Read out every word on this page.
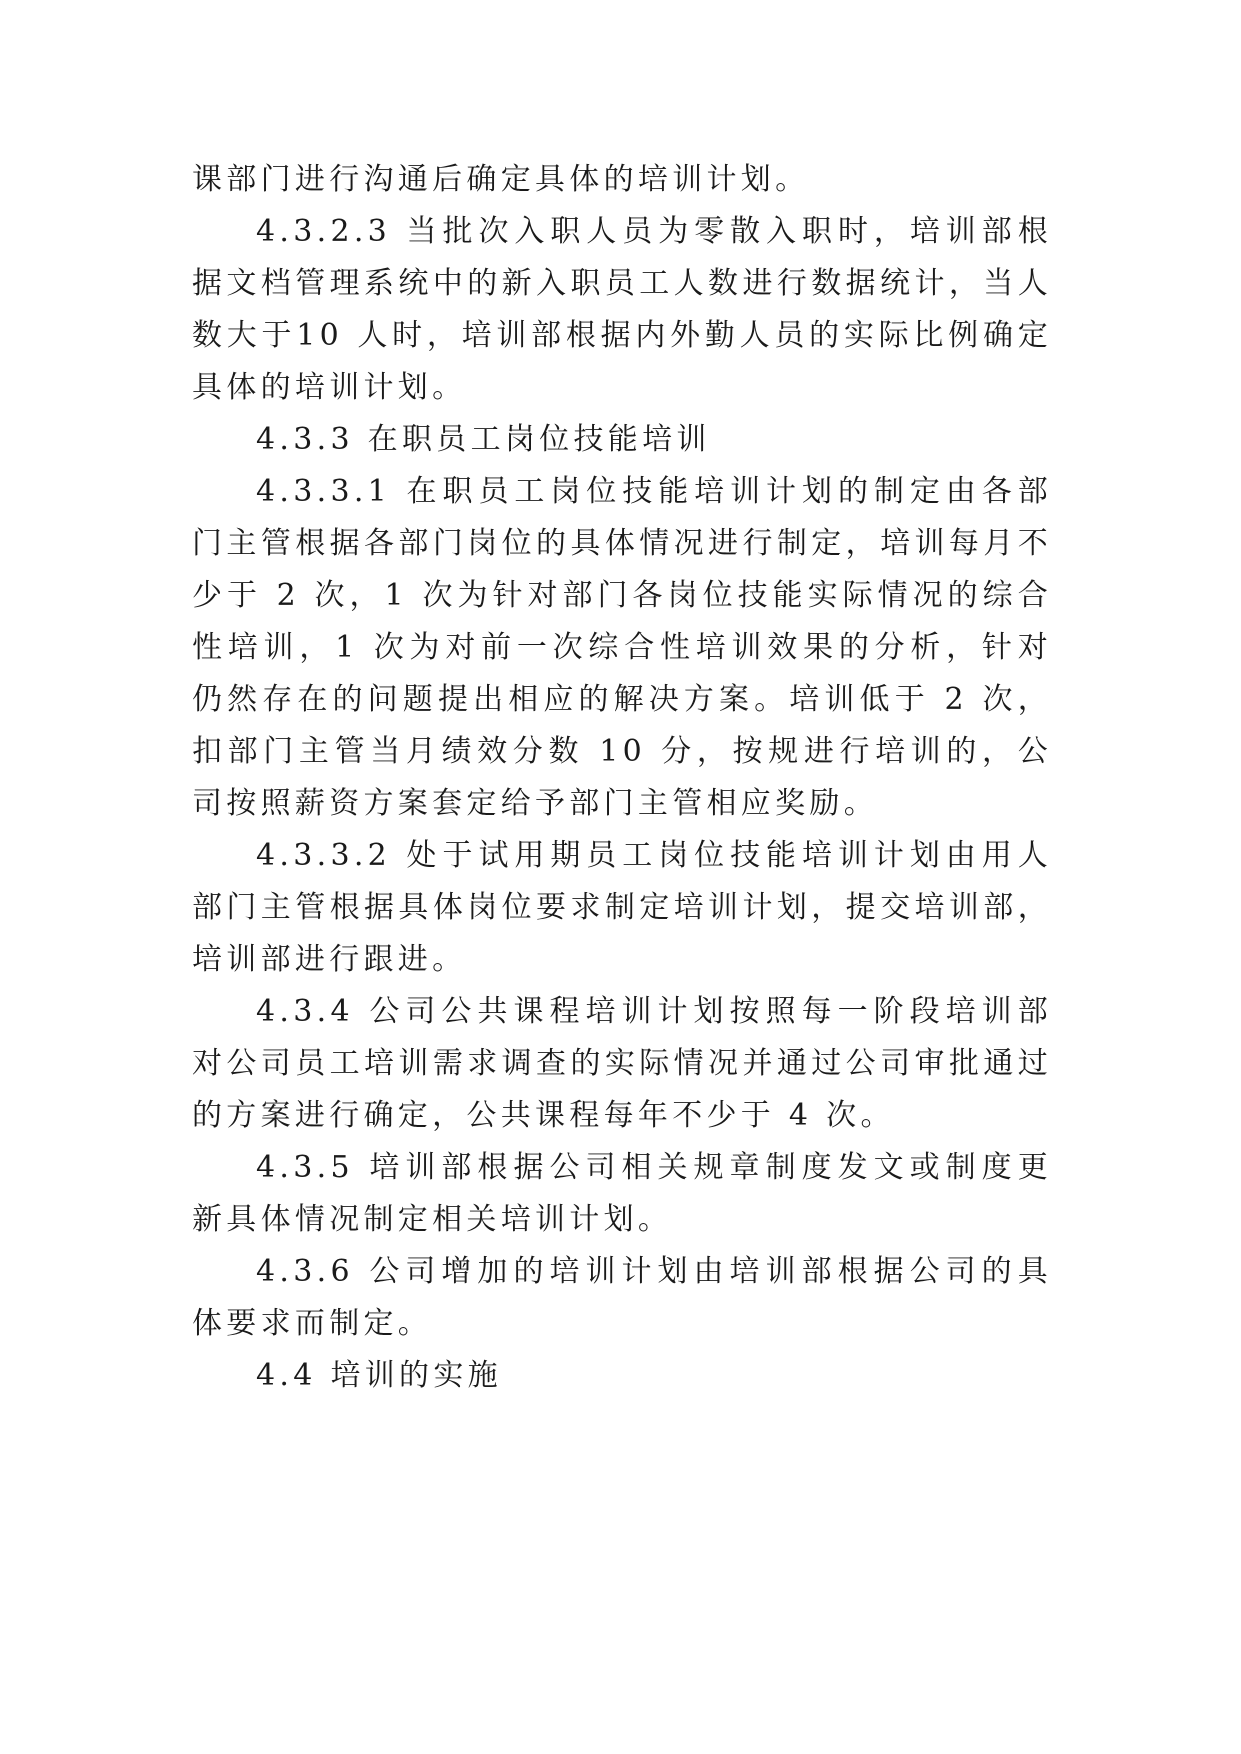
课部门进行沟通后确定具体的培训计划。

4.3.2.3 当批次入职人员为零散入职时，培训部根据文档管理系统中的新入职员工人数进行数据统计，当人数大于10 人时，培训部根据内外勤人员的实际比例确定具体的培训计划。

4.3.3 在职员工岗位技能培训

4.3.3.1 在职员工岗位技能培训计划的制定由各部门主管根据各部门岗位的具体情况进行制定，培训每月不少于 2 次，1 次为针对部门各岗位技能实际情况的综合性培训，1 次为对前一次综合性培训效果的分析，针对仍然存在的问题提出相应的解决方案。培训低于 2 次，扣部门主管当月绩效分数 10 分，按规进行培训的，公司按照薪资方案套定给予部门主管相应奖励。

4.3.3.2 处于试用期员工岗位技能培训计划由用人部门主管根据具体岗位要求制定培训计划，提交培训部，培训部进行跟进。

4.3.4 公司公共课程培训计划按照每一阶段培训部对公司员工培训需求调查的实际情况并通过公司审批通过的方案进行确定，公共课程每年不少于 4 次。

4.3.5 培训部根据公司相关规章制度发文或制度更新具体情况制定相关培训计划。

4.3.6 公司增加的培训计划由培训部根据公司的具体要求而制定。

4.4 培训的实施
